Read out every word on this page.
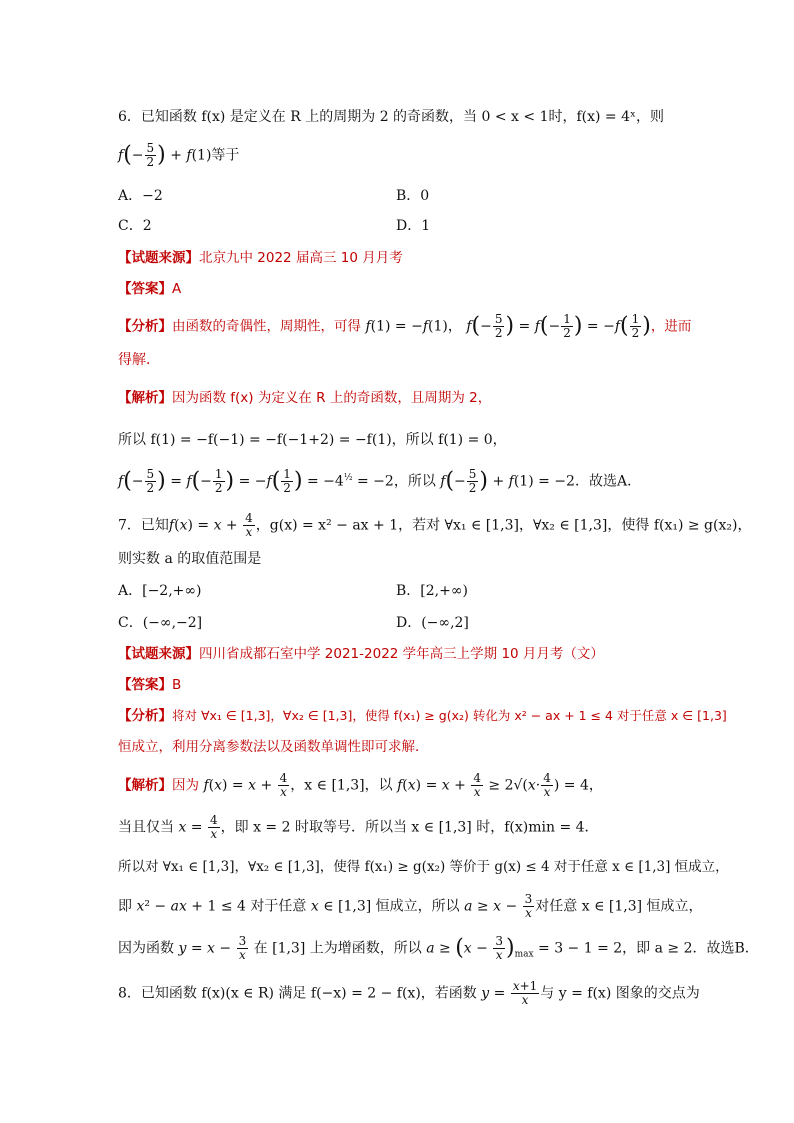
6．已知函数 f(x) 是定义在 R 上的周期为 2 的奇函数，当 0 < x < 1时，f(x) = 4ˣ，则
$f(- \frac{5}{2}$ ) + f(1)等于
A．−2	B．0
C．2	D．1
【试题来源】北京九中 2022 届高三 10 月月考
【答案】A
【分析】由函数的奇偶性，周期性，可得 f(1) = −f(1)， $f(- \frac{5}{2}$ ) = $f(- \frac{1}{2}$ ) = $-f( \frac{1}{2}$ )，进而
得解．
【解析】因为函数 f(x) 为定义在 R 上的奇函数，且周期为 2，
所以 f(1) = −f(−1) = −f(−1+2) = −f(1)，所以 f(1) = 0，
$f(- \frac{5}{2}$ ) = $f(- \frac{1}{2}$ ) = $-f( \frac{1}{2}$ ) = $-4^{\frac{1}{2}} = -2$，所以 $f(- \frac{5}{2}$ ) + f(1) = −2．故选A．
7．已知$f(x) = x + \frac{4}{x}$ ，g(x) = x² − ax + 1，若对 ∀x₁ ∈ [1,3]，∀x₂ ∈ [1,3]，使得 f(x₁) ≥ g(x₂)，
则实数 a 的取值范围是
A．[−2,+∞)	B．[2,+∞)
C．(−∞,−2]	D．(−∞,2]
【试题来源】四川省成都石室中学 2021-2022 学年高三上学期 10 月月考（文）
【答案】B
【分析】将对 ∀x₁ ∈ [1,3]，∀x₂ ∈ [1,3]，使得 f(x₁) ≥ g(x₂) 转化为 x² − ax + 1 ≤ 4 对于任意 x ∈ [1,3]
恒成立，利用分离参数法以及函数单调性即可求解．
【解析】因为 $f(x) = x + \frac{4}{x}$ ，x ∈ [1,3]，以 $f(x) = x + \frac{4}{x} \ge 2√(x\cdot \frac{4}{x}$ ) = 4，
当且仅当 $x = \frac{4}{x}$ ，即 x = 2 时取等号．所以当 x ∈ [1,3] 时，f(x)min = 4．
所以对 ∀x₁ ∈ [1,3]，∀x₂ ∈ [1,3]，使得 f(x₁) ≥ g(x₂) 等价于 g(x) ≤ 4 对于任意 x ∈ [1,3] 恒成立，
即 x² − ax + 1 ≤ 4 对于任意 x ∈ [1,3] 恒成立，所以 $a \ge x - \frac{3}{x}$ 对任意 x ∈ [1,3] 恒成立，
因为函数 $y = x - \frac{3}{x}$ 在 [1,3] 上为增函数，所以 $a \ge (x - \frac{3}{x} )_{max} = 3 - 1 = 2$，即 a ≥ 2．故选B．
8．已知函数 f(x)(x ∈ R) 满足 f(−x) = 2 − f(x)，若函数 $y = \frac{x+1}{x}$ 与 y = f(x) 图象的交点为
